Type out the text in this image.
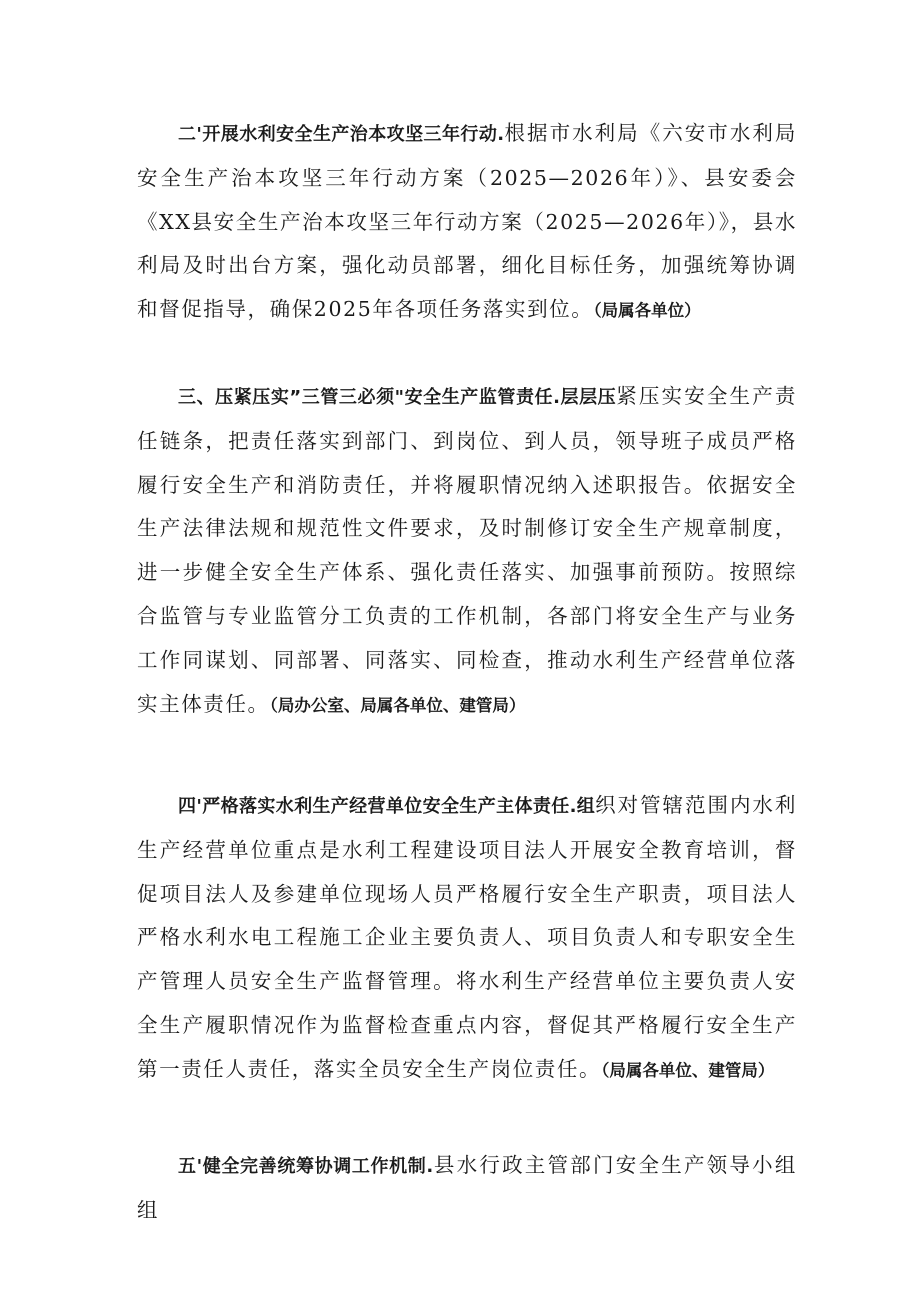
二'开展水利安全生产治本攻坚三年行动.根据市水利局《六安市水利局安全生产治本攻坚三年行动方案（2025—2026年）》、县安委会《XX县安全生产治本攻坚三年行动方案（2025—2026年）》，县水利局及时出台方案，强化动员部署，细化目标任务，加强统筹协调和督促指导，确保2025年各项任务落实到位。（局属各单位）

三、压紧压实”三管三必须"安全生产监管责任.层层压紧压实安全生产责任链条，把责任落实到部门、到岗位、到人员，领导班子成员严格履行安全生产和消防责任，并将履职情况纳入述职报告。依据安全生产法律法规和规范性文件要求，及时制修订安全生产规章制度，进一步健全安全生产体系、强化责任落实、加强事前预防。按照综合监管与专业监管分工负责的工作机制，各部门将安全生产与业务工作同谋划、同部署、同落实、同检查，推动水利生产经营单位落实主体责任。（局办公室、局属各单位、建管局）

四'严格落实水利生产经营单位安全生产主体责任.组织对管辖范围内水利生产经营单位重点是水利工程建设项目法人开展安全教育培训，督促项目法人及参建单位现场人员严格履行安全生产职责，项目法人严格水利水电工程施工企业主要负责人、项目负责人和专职安全生产管理人员安全生产监督管理。将水利生产经营单位主要负责人安全生产履职情况作为监督检查重点内容，督促其严格履行安全生产第一责任人责任，落实全员安全生产岗位责任。（局属各单位、建管局）

五'健全完善统筹协调工作机制.县水行政主管部门安全生产领导小组组
